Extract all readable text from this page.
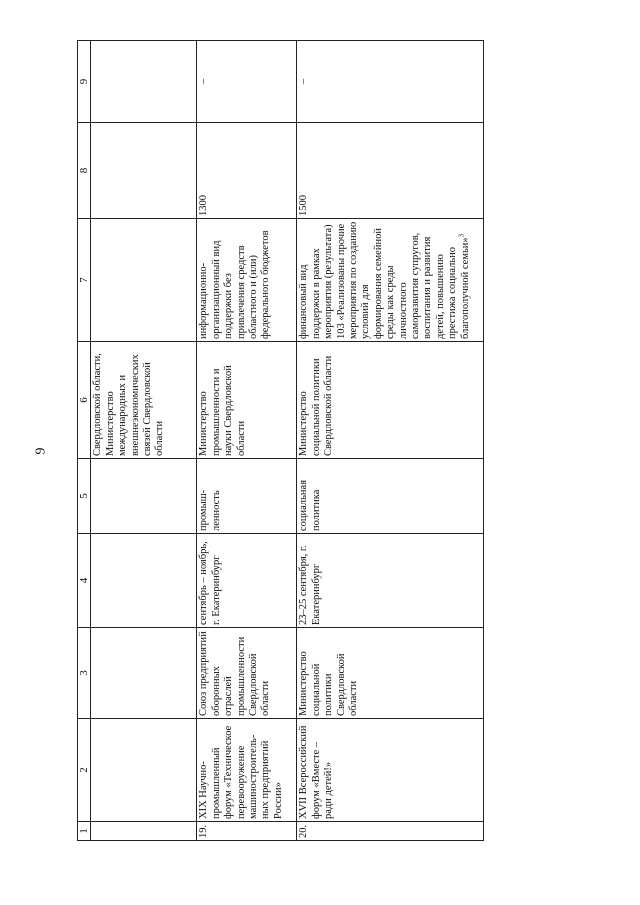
9
1	2	3	4	5	6	7	8	9
					Свердловской области, Министерство международных и внешнеэкономических связей Свердловской области			
19.	XIX Научно-промышленный форум «Техническое перевооружение машиностроитель-ных предприятий России»	Союз предприятий оборонных отраслей промышленности Свердловской области	сентябрь – ноябрь, г. Екатеринбург	промыш-ленность	Министерство промышленности и науки Свердловской области	информационно-организационный вид поддержки без привлечения средств областного и (или) федерального бюджетов	1300	–
20.	XVII Всероссийский форум «Вместе – ради детей!»	Министерство социальной политики Свердловской области	23–25 сентября, г. Екатеринбург	социальная политика	Министерство социальной политики Свердловской области	финансовый вид поддержки в рамках мероприятия (результата) 103 «Реализованы прочие мероприятия по созданию условий для формирования семейной среды как среды личностного саморазвития супругов, воспитания и развития детей, повышению престижа социально благополучной семьи»$^3$	1500	–
